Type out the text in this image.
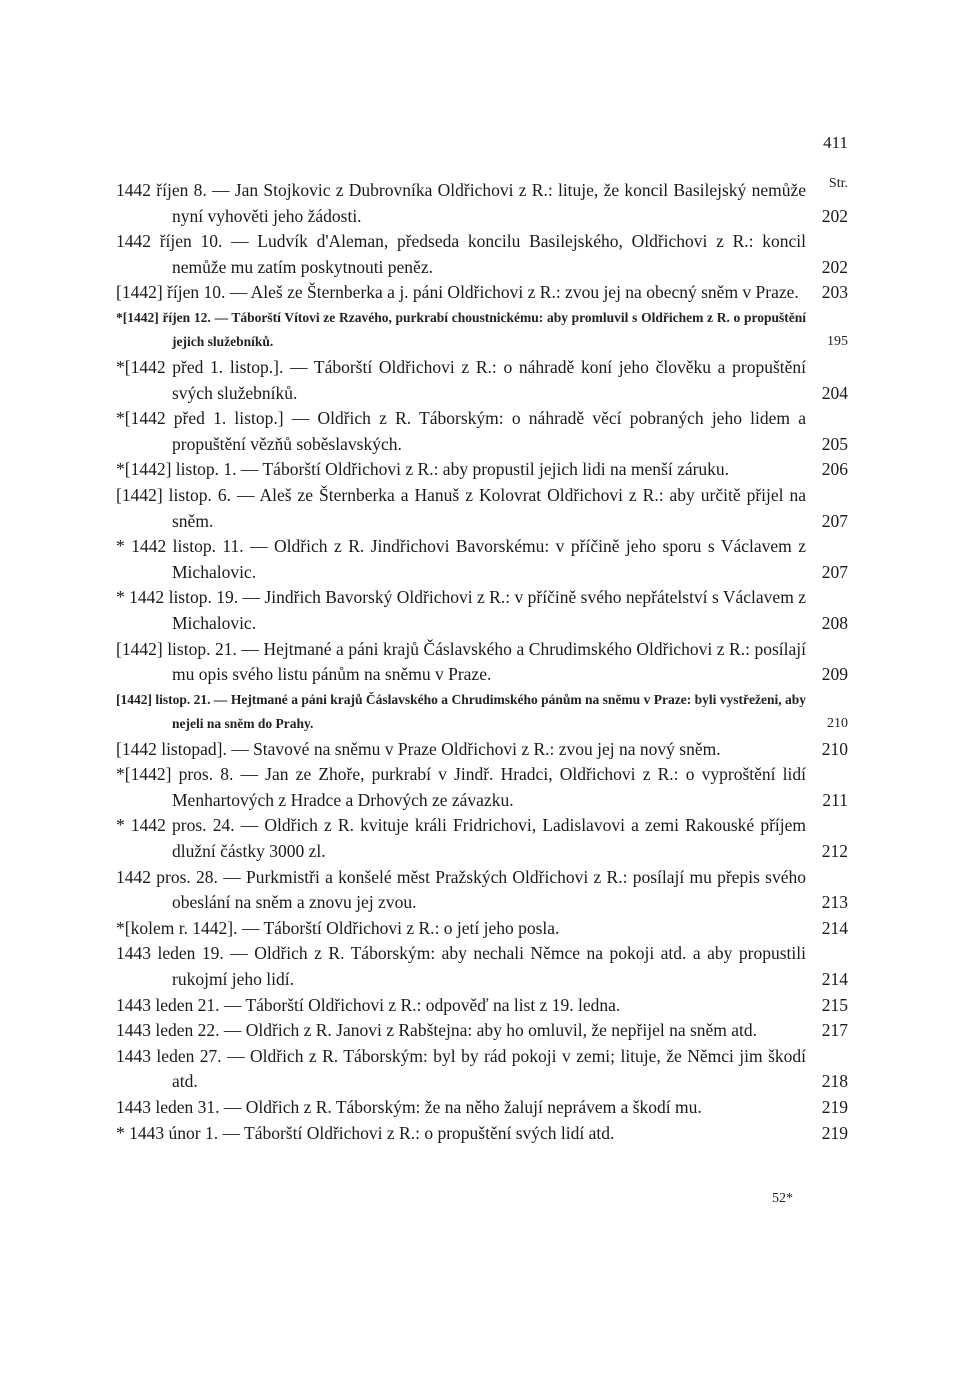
411
Str.
1442 říjen 8. — Jan Stojkovic z Dubrovníka Oldřichovi z R.: lituje, že koncil Basilejský nemůže nyní vyhověti jeho žádosti.	202
1442 říjen 10. — Ludvík d'Aleman, předseda koncilu Basilejského, Oldřichovi z R.: koncil nemůže mu zatím poskytnouti peněz.	202
[1442] říjen 10. — Aleš ze Šternberka a j. páni Oldřichovi z R.: zvou jej na obecný sněm v Praze. 203
*[1442] říjen 12. — Táborští Vítovi ze Rzavého, purkrabí choustnickému: aby promluvil s Oldřichem z R. o propuštění jejich služebníků.	195
*[1442 před 1. listop.]. — Táborští Oldřichovi z R.: o náhradě koní jeho člověku a propuštění svých služebníků.	204
*[1442 před 1. listop.] — Oldřich z R. Táborským: o náhradě věcí pobraných jeho lidem a propuštění vězňů soběslavských.	205
*[1442] listop. 1. — Táborští Oldřichovi z R.: aby propustil jejich lidi na menší záruku.	206
[1442] listop. 6. — Aleš ze Šternberka a Hanuš z Kolovrat Oldřichovi z R.: aby určitě přijel na sněm.	207
* 1442 listop. 11. — Oldřich z R. Jindřichovi Bavorskému: v příčině jeho sporu s Václavem z Michalovic.	207
* 1442 listop. 19. — Jindřich Bavorský Oldřichovi z R.: v příčině svého nepřátelství s Václavem z Michalovic.	208
[1442] listop. 21. — Hejtmané a páni krajů Čáslavského a Chrudimského Oldřichovi z R.: posílají mu opis svého listu pánům na sněmu v Praze.	209
[1442] listop. 21. — Hejtmané a páni krajů Čáslavského a Chrudimského pánům na sněmu v Praze: byli vystřeženi, aby nejeli na sněm do Prahy.	210
[1442 listopad]. — Stavové na sněmu v Praze Oldřichovi z R.: zvou jej na nový sněm.	210
*[1442] pros. 8. — Jan ze Zhoře, purkrabí v Jindř. Hradci, Oldřichovi z R.: o vyproštění lidí Menhartových z Hradce a Drhových ze závazku.	211
* 1442 pros. 24. — Oldřich z R. kvituje králi Fridrichovi, Ladislavovi a zemi Rakouské příjem dlužní částky 3000 zl.	212
1442 pros. 28. — Purkmistři a konšelé měst Pražských Oldřichovi z R.: posílají mu přepis svého obeslání na sněm a znovu jej zvou.	213
*[kolem r. 1442]. — Táborští Oldřichovi z R.: o jetí jeho posla.	214
1443 leden 19. — Oldřich z R. Táborským: aby nechali Němce na pokoji atd. a aby propustili rukojmí jeho lidí.	214
1443 leden 21. — Táborští Oldřichovi z R.: odpověď na list z 19. ledna.	215
1443 leden 22. — Oldřich z R. Janovi z Rabštejna: aby ho omluvil, že nepřijel na sněm atd.	217
1443 leden 27. — Oldřich z R. Táborským: byl by rád pokoji v zemi; lituje, že Němci jim škodí atd.	218
1443 leden 31. — Oldřich z R. Táborským: že na něho žalují neprávem a škodí mu.	219
* 1443 únor 1. — Táborští Oldřichovi z R.: o propuštění svých lidí atd.	219
52*
